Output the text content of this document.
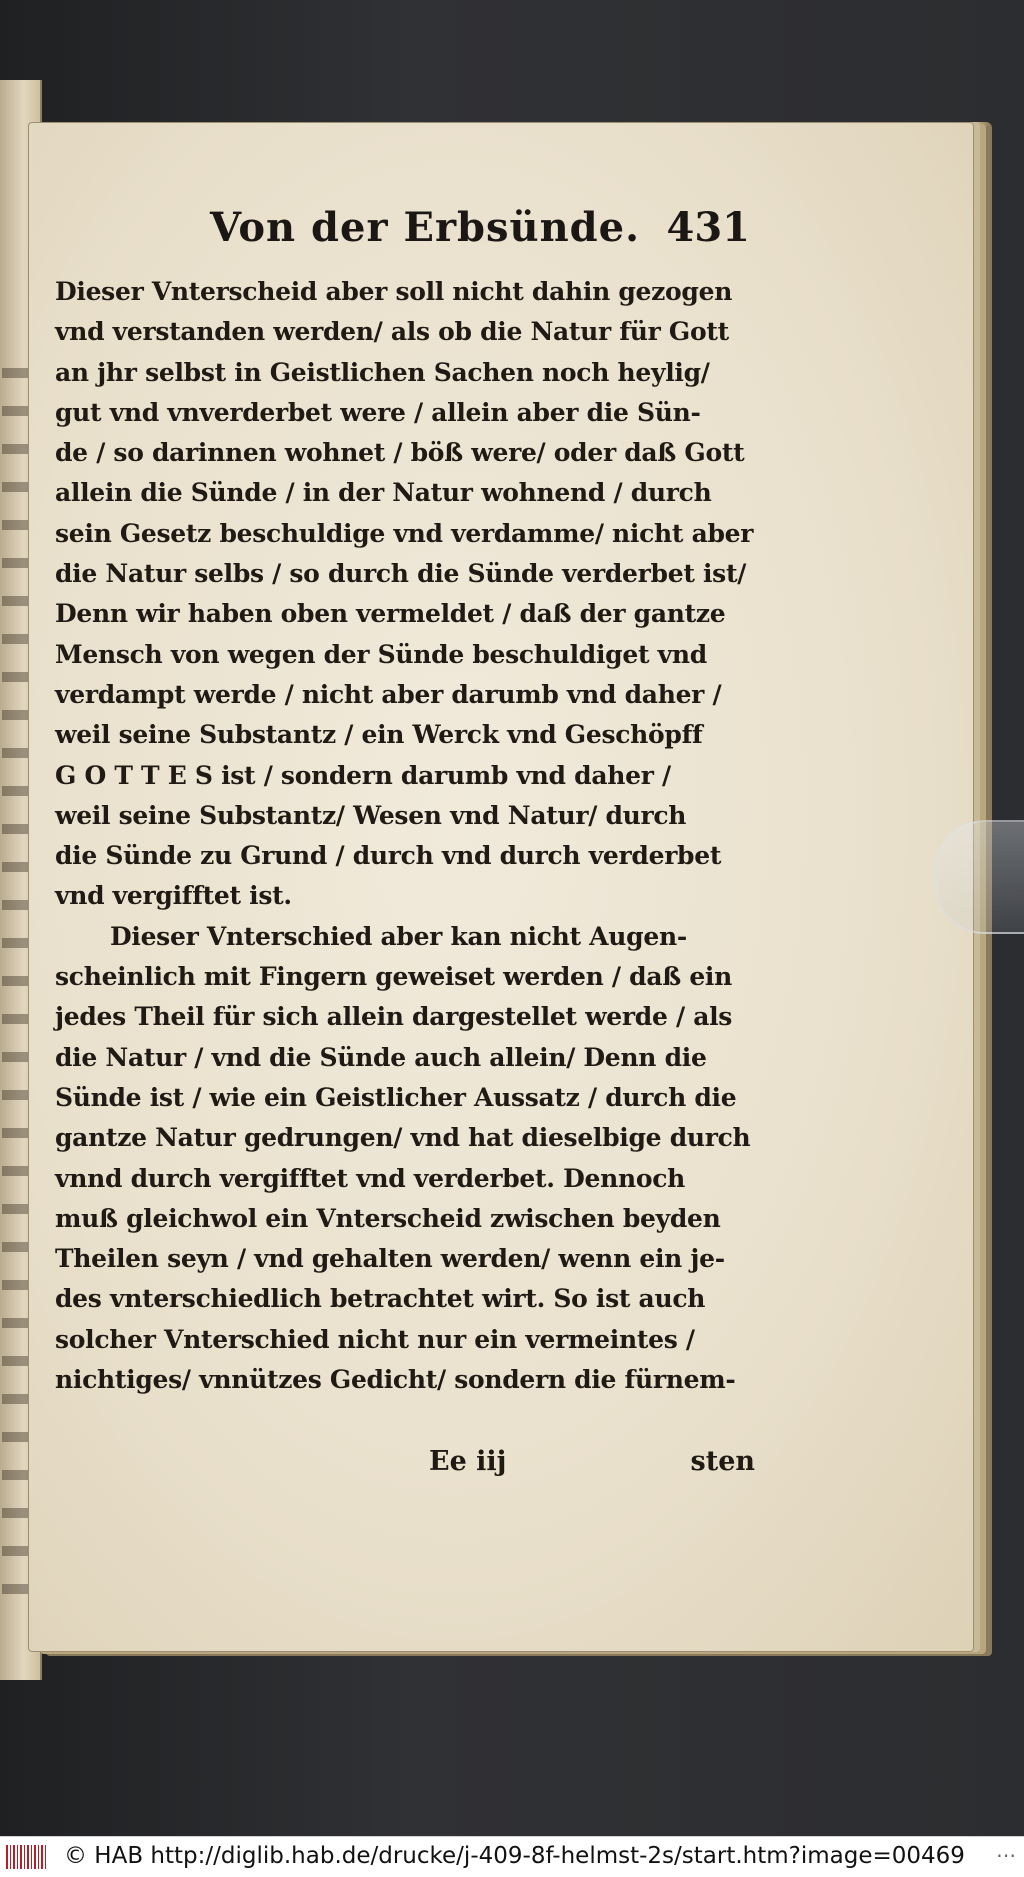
Von der Erbsünde. 431
Dieser Vnterscheid aber soll nicht dahin gezogen
vnd verstanden werden/ als ob die Natur für Gott
an jhr selbst in Geistlichen Sachen noch heylig/
gut vnd vnverderbet were / allein aber die Sün-
de / so darinnen wohnet / böß were/ oder daß Gott
allein die Sünde / in der Natur wohnend / durch
sein Gesetz beschuldige vnd verdamme/ nicht aber
die Natur selbs / so durch die Sünde verderbet ist/
Denn wir haben oben vermeldet / daß der gantze
Mensch von wegen der Sünde beschuldiget vnd
verdampt werde / nicht aber darumb vnd daher /
weil seine Substantz / ein Werck vnd Geschöpff
G O T T E S ist / sondern darumb vnd daher /
weil seine Substantz/ Wesen vnd Natur/ durch
die Sünde zu Grund / durch vnd durch verderbet
vnd vergifftet ist.
Dieser Vnterschied aber kan nicht Augen-
scheinlich mit Fingern geweiset werden / daß ein
jedes Theil für sich allein dargestellet werde / als
die Natur / vnd die Sünde auch allein/ Denn die
Sünde ist / wie ein Geistlicher Aussatz / durch die
gantze Natur gedrungen/ vnd hat dieselbige durch
vnnd durch vergifftet vnd verderbet. Dennoch
muß gleichwol ein Vnterscheid zwischen beyden
Theilen seyn / vnd gehalten werden/ wenn ein je-
des vnterschiedlich betrachtet wirt. So ist auch
solcher Vnterschied nicht nur ein vermeintes /
nichtiges/ vnnützes Gedicht/ sondern die fürnem-
Ee iij	sten
© HAB http://diglib.hab.de/drucke/j-409-8f-helmst-2s/start.htm?image=00469 ⋯
